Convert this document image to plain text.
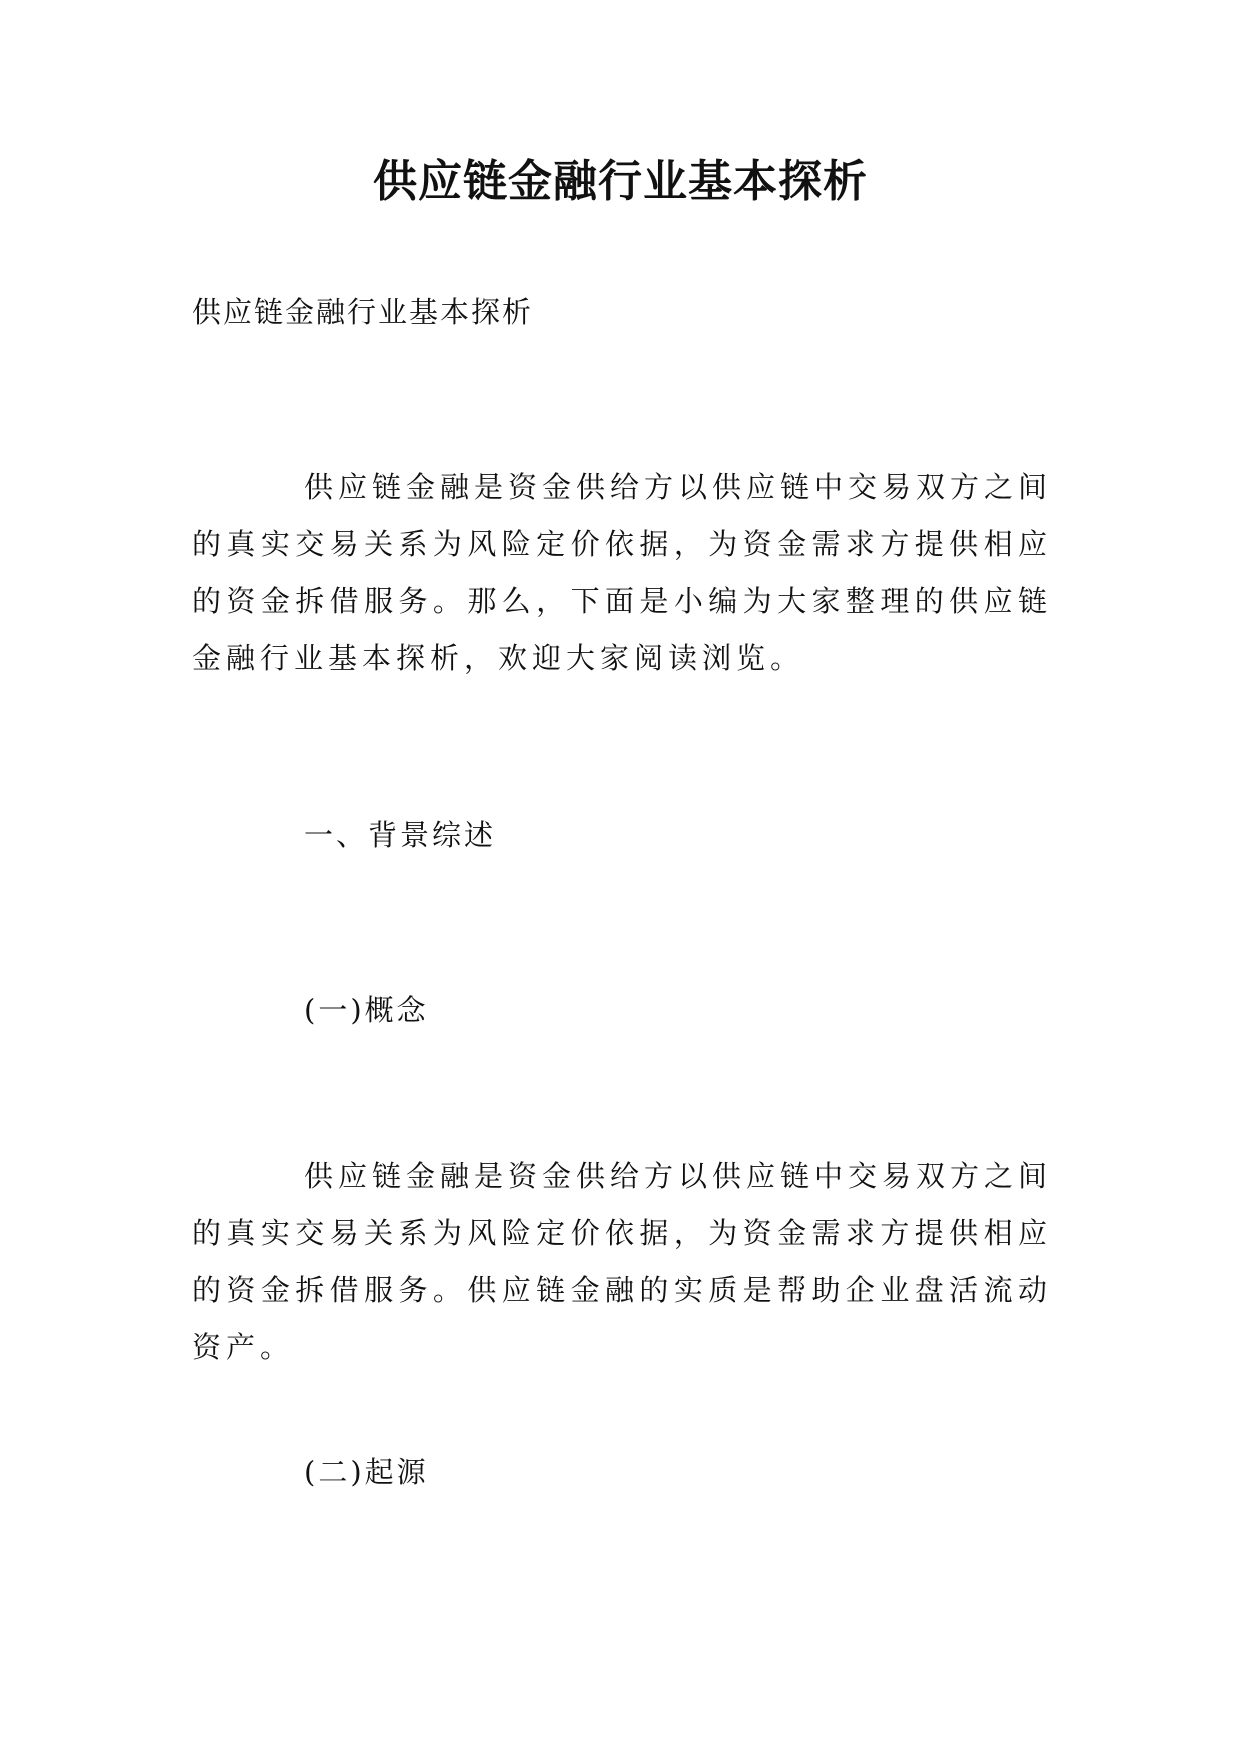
供应链金融行业基本探析

供应链金融行业基本探析

供应链金融是资金供给方以供应链中交易双方之间的真实交易关系为风险定价依据，为资金需求方提供相应的资金拆借服务。那么，下面是小编为大家整理的供应链金融行业基本探析，欢迎大家阅读浏览。

一、背景综述

(一)概念

供应链金融是资金供给方以供应链中交易双方之间的真实交易关系为风险定价依据，为资金需求方提供相应的资金拆借服务。供应链金融的实质是帮助企业盘活流动资产。

(二)起源
